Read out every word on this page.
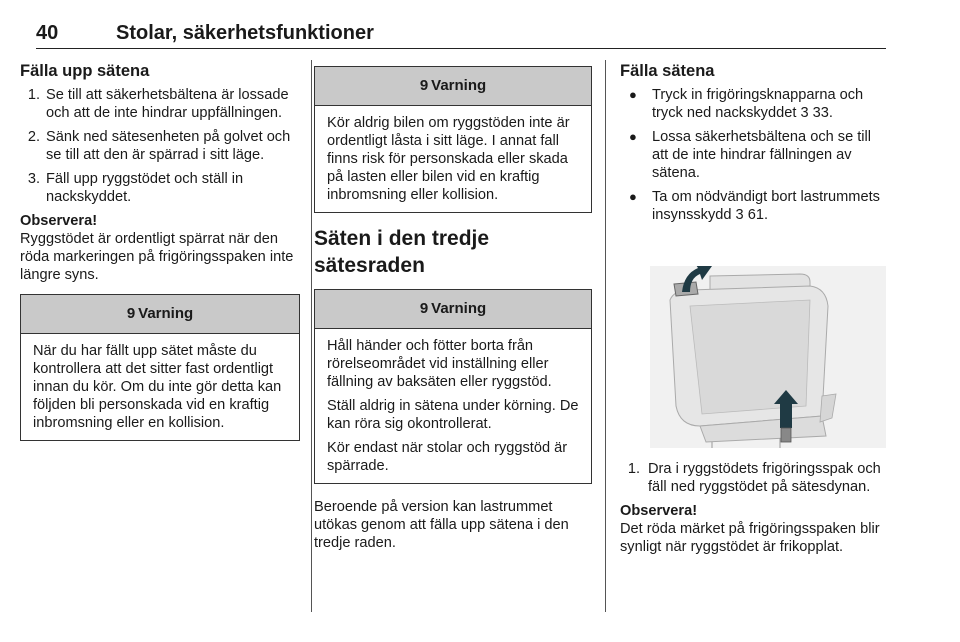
40	Stolar, säkerhetsfunktioner
Fälla upp sätena
1. Se till att säkerhetsbältena är lossade och att de inte hindrar uppfällningen.
2. Sänk ned sätesenheten på golvet och se till att den är spärrad i sitt läge.
3. Fäll upp ryggstödet och ställ in nackskyddet.
Observera!

Ryggstödet är ordentligt spärrat när den röda markeringen på frigöringsspaken inte längre syns.

9 Varning

När du har fällt upp sätet måste du kontrollera att det sitter fast ordentligt innan du kör. Om du inte gör detta kan följden bli personskada vid en kraftig inbromsning eller en kollision.

9 Varning

Kör aldrig bilen om ryggstöden inte är ordentligt låsta i sitt läge. I annat fall finns risk för personskada eller skada på lasten eller bilen vid en kraftig inbromsning eller kollision.

Säten i den tredje sätesraden
9 Varning

Håll händer och fötter borta från rörelseområdet vid inställning eller fällning av baksäten eller ryggstöd.

Ställ aldrig in sätena under körning. De kan röra sig okontrollerat.

Kör endast när stolar och ryggstöd är spärrade.

Beroende på version kan lastrummet utökas genom att fälla upp sätena i den tredje raden.

Fälla sätena
● Tryck in frigöringsknapparna och tryck ned nackskyddet 3 33.
● Lossa säkerhetsbältena och se till att de inte hindrar fällningen av sätena.
● Ta om nödvändigt bort lastrummets insynsskydd 3 61.
1. Dra i ryggstödets frigöringsspak och fäll ned ryggstödet på sätesdynan.
Observera!

Det röda märket på frigöringsspaken blir synligt när ryggstödet är frikopplat.
